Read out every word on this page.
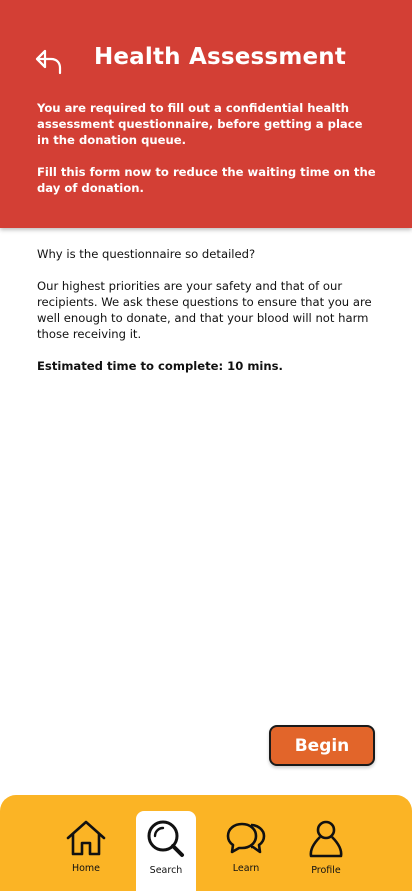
Health Assessment

You are required to fill out a confidential health assessment questionnaire, before getting a place in the donation queue.

Fill this form now to reduce the waiting time on the day of donation.

Why is the questionnaire so detailed?

Our highest priorities are your safety and that of our recipients. We ask these questions to ensure that you are well enough to donate, and that your blood will not harm those receiving it.

Estimated time to complete: 10 mins.

Begin
Home	Search	Learn	Profile
